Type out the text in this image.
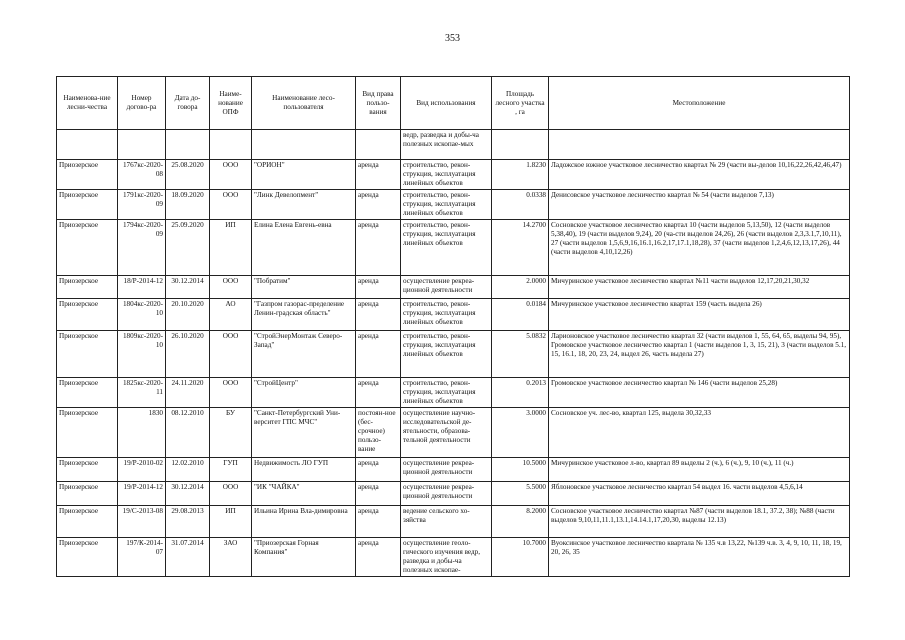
353
Наименова-ние лесни-чества	Номер догово-ра	Дата до-говора	Наиме-нование ОПФ	Наименование лесо-пользователя	Вид права пользо-вания	Вид использования	Площадь лесного участка , га	Местоположение
						ведр, разведка и добы-ча полезных ископае-мых		
Приозерское	1767кс-2020-08	25.08.2020	ООО	"ОРИОН"	аренда	строительство, рекон-струкция, эксплуатация линейных объектов	1.8230	Ладожское южное участковое лесничество квартал № 29 (части вы-делов 10,16,22,26,42,46,47)
Приозерское	1791кс-2020-09	18.09.2020	ООО	"Линк Девелопмент"	аренда	строительство, рекон-струкция, эксплуатация линейных объектов	0.0338	Денисовское участковое лесничество квартал № 54 (части выделов 7,13)
Приозерское	1794кс-2020-09	25.09.2020	ИП	Елина Елена Евгень-евна	аренда	строительство, рекон-струкция, эксплуатация линейных объектов	14.2700	Сосновское участковое лесничество квартал 10 (части выделов 5,13,50), 12 (части выделов 5,38,40), 19 (части выделов 9,24), 20 (ча-сти выделов 24,26), 26 (части выделов 2,3,3.1,7,10,11), 27 (части выделов 1,5,6,9,16,16.1,16.2,17,17.1,18,28), 37 (части выделов 1,2,4,6,12,13,17,26), 44 (части выделов 4,10,12,26)
Приозерское	18/Р-2014-12	30.12.2014	ООО	"Побратим"	аренда	осуществление рекреа-ционной деятельности	2.0000	Мичуринское участковое лесничество квартал №11 части выделов 12,17,20,21,30,32
Приозерское	1804кс-2020-10	20.10.2020	АО	"Газпром газорас-пределение Ленин-градская область"	аренда	строительство, рекон-струкция, эксплуатация линейных объектов	0.0184	Мичуринское участковое лесничество квартал 159 (часть выдела 26)
Приозерское	1809кс-2020-10	26.10.2020	ООО	"СтройЭнерМонтаж Северо-Запад"	аренда	строительство, рекон-струкция, эксплуатация линейных объектов	5.0832	Ларионовское участковое лесничество квартал 32 (части выделов 1, 55, 64, 65, выделы 94, 95), Громовское участковое лесничество квартал 1 (части выделов 1, 3, 15, 21), 3 (части выделов 5.1, 15, 16.1, 18, 20, 23, 24, выдел 26, часть выдела 27)
Приозерское	1825кс-2020-11	24.11.2020	ООО	"СтройЦентр"	аренда	строительство, рекон-струкция, эксплуатация линейных объектов	0.2013	Громовское участковое лесничество квартал № 146 (части выделов 25,28)
Приозерское	1830	08.12.2010	БУ	"Санкт-Петербургский Уни-верситет ГПС МЧС"	постоян-ное (бес-срочное) пользо-вание	осуществление научно-исследовательской де-ятельности, образова-тельной деятельности	3.0000	Сосновское уч. лес-во, квартал 125, выдела 30,32,33
Приозерское	19/Р-2010-02	12.02.2010	ГУП	Недвижимость ЛО ГУП	аренда	осуществление рекреа-ционной деятельности	10.5000	Мичуринское участковое л-во, квартал 89 выделы 2 (ч.), 6 (ч.), 9, 10 (ч.), 11 (ч.)
Приозерское	19/Р-2014-12	30.12.2014	ООО	"ИК "ЧАЙКА"	аренда	осуществление рекреа-ционной деятельности	5.5000	Яблоновское участковое лесничество квартал 54 выдел 16. части выделов 4,5,6,14
Приозерское	19/С-2013-08	29.08.2013	ИП	Ильина Ирина Вла-димировна	аренда	ведение сельского хо-зяйства	8.2000	Сосновское участковое лесничество квартал №87 (части выделов 18.1, 37.2, 38); №88 (части выделов 9,10,11,11.1,13.1,14.14.1,17,20,30, выделы 12.13)
Приозерское	197/К-2014-07	31.07.2014	ЗАО	"Приозерская Горная Компания"	аренда	осуществление геоло-гического изучения ведр, разведка и добы-ча полезных ископае-	10.7000	Вуоксинское участковое лесничество квартала № 135 ч.в 13,22, №139 ч.в. 3, 4, 9, 10, 11, 18, 19, 20, 26, 35
